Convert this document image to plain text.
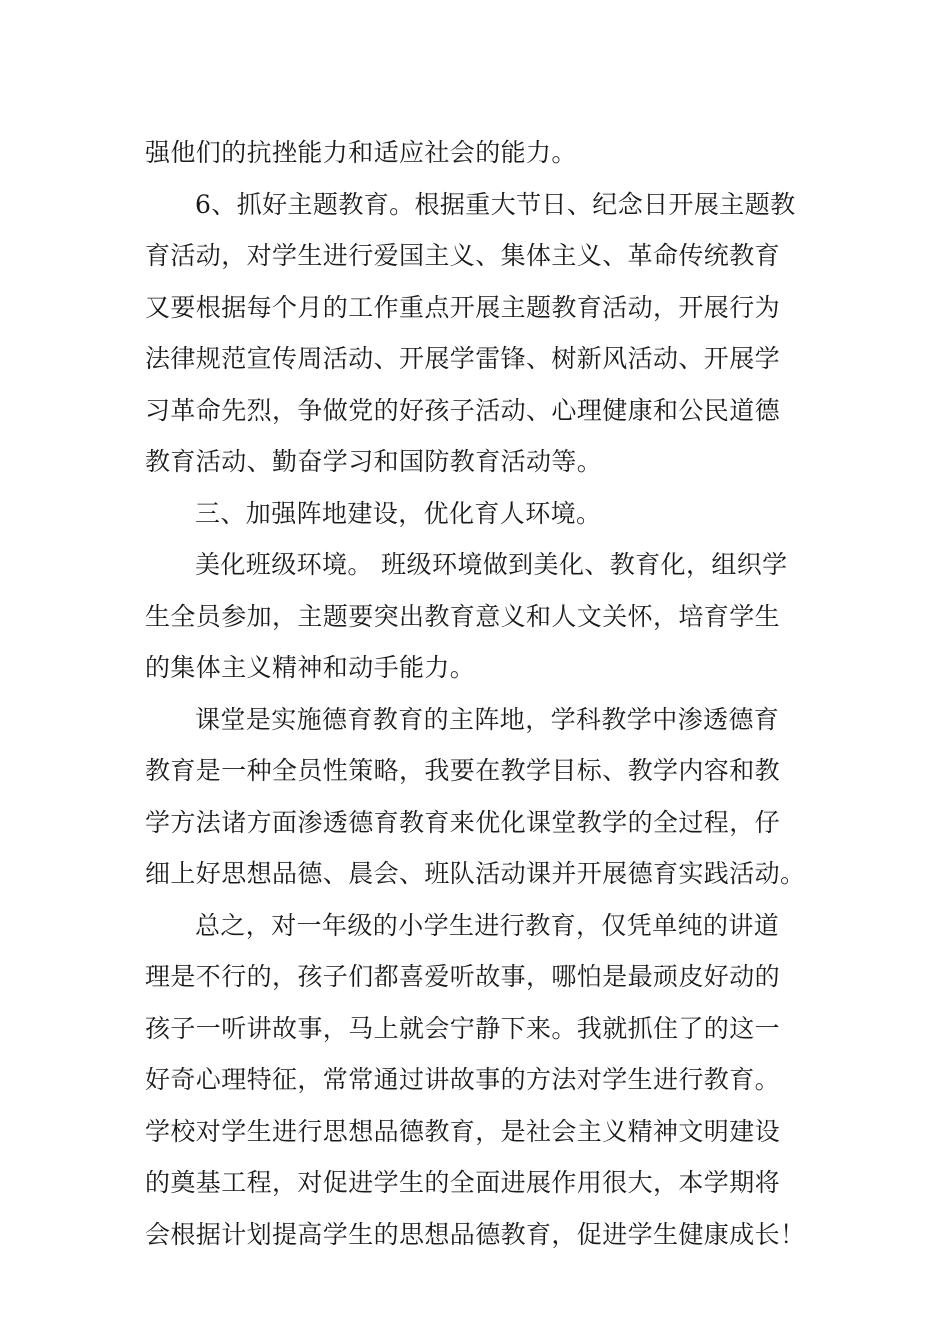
强他们的抗挫能力和适应社会的能力。
6、抓好主题教育。根据重大节日、纪念日开展主题教
育活动，对学生进行爱国主义、集体主义、革命传统教育
又要根据每个月的工作重点开展主题教育活动，开展行为
法律规范宣传周活动、开展学雷锋、树新风活动、开展学
习革命先烈，争做党的好孩子活动、心理健康和公民道德
教育活动、勤奋学习和国防教育活动等。
三、加强阵地建设，优化育人环境。
美化班级环境。 班级环境做到美化、教育化，组织学
生全员参加，主题要突出教育意义和人文关怀，培育学生
的集体主义精神和动手能力。
课堂是实施德育教育的主阵地，学科教学中渗透德育
教育是一种全员性策略，我要在教学目标、教学内容和教
学方法诸方面渗透德育教育来优化课堂教学的全过程，仔
细上好思想品德、晨会、班队活动课并开展德育实践活动。
总之，对一年级的小学生进行教育，仅凭单纯的讲道
理是不行的，孩子们都喜爱听故事，哪怕是最顽皮好动的
孩子一听讲故事，马上就会宁静下来。我就抓住了的这一
好奇心理特征，常常通过讲故事的方法对学生进行教育。
学校对学生进行思想品德教育，是社会主义精神文明建设
的奠基工程，对促进学生的全面进展作用很大，本学期将
会根据计划提高学生的思想品德教育，促进学生健康成长！
